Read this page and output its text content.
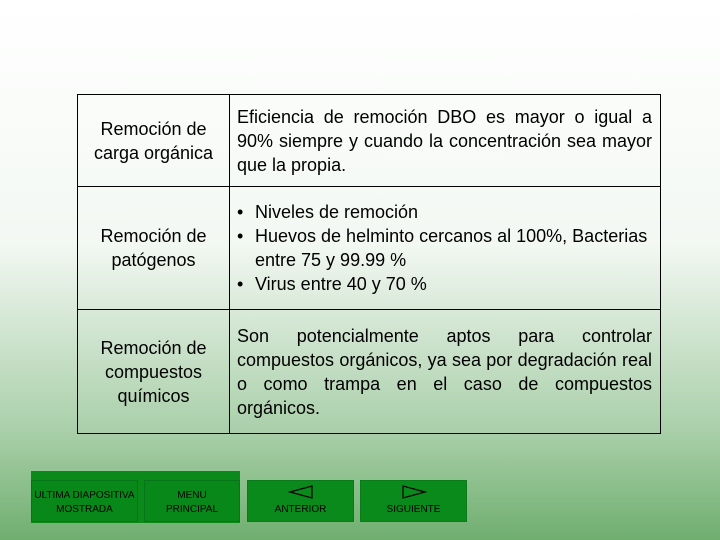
Remoción de carga orgánica
Eficiencia de remoción DBO es mayor o igual a 90% siempre y cuando la concentración sea mayor que la propia.
Remoción de patógenos
• Niveles de remoción
• Huevos de helminto cercanos al 100%, Bacterias entre 75 y 99.99 %
• Virus entre 40 y 70 %
Remoción de compuestos químicos
Son potencialmente aptos para controlar compuestos orgánicos, ya sea por degradación real o como trampa en el caso de compuestos orgánicos.
ULTIMA DIAPOSITIVA
MOSTRADA
MENU
PRINCIPAL	ANTERIOR	SIGUIENTE
